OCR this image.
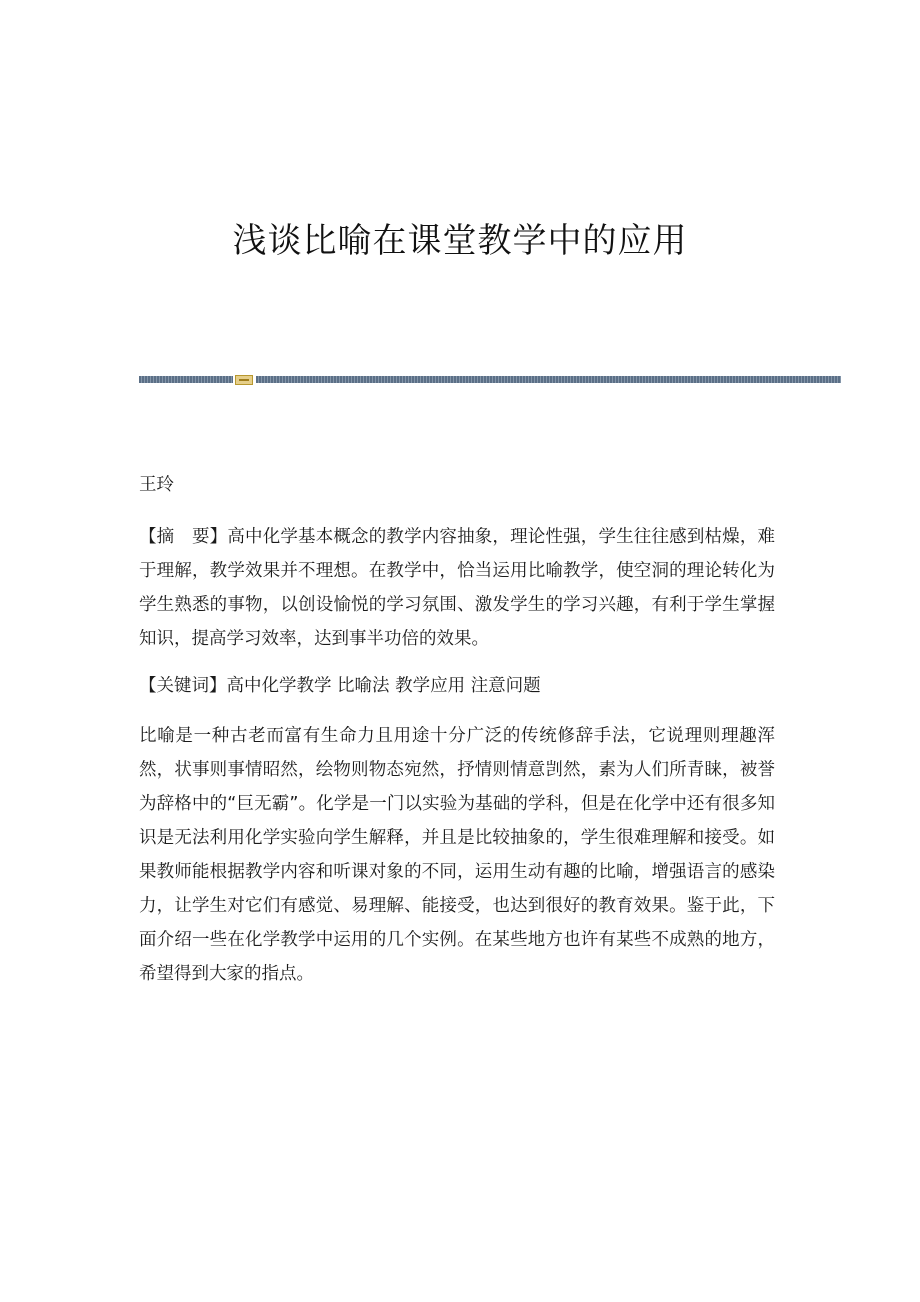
浅谈比喻在课堂教学中的应用

王玲

【摘　要】高中化学基本概念的教学内容抽象，理论性强，学生往往感到枯燥，难于理解，教学效果并不理想。在教学中，恰当运用比喻教学，使空洞的理论转化为学生熟悉的事物，以创设愉悦的学习氛围、激发学生的学习兴趣，有利于学生掌握知识，提高学习效率，达到事半功倍的效果。

【关键词】高中化学教学 比喻法 教学应用 注意问题

比喻是一种古老而富有生命力且用途十分广泛的传统修辞手法，它说理则理趣浑然，状事则事情昭然，绘物则物态宛然，抒情则情意剀然，素为人们所青睐，被誉为辞格中的“巨无霸”。化学是一门以实验为基础的学科，但是在化学中还有很多知识是无法利用化学实验向学生解释，并且是比较抽象的，学生很难理解和接受。如果教师能根据教学内容和听课对象的不同，运用生动有趣的比喻，增强语言的感染力，让学生对它们有感觉、易理解、能接受，也达到很好的教育效果。鉴于此，下面介绍一些在化学教学中运用的几个实例。在某些地方也许有某些不成熟的地方，希望得到大家的指点。
